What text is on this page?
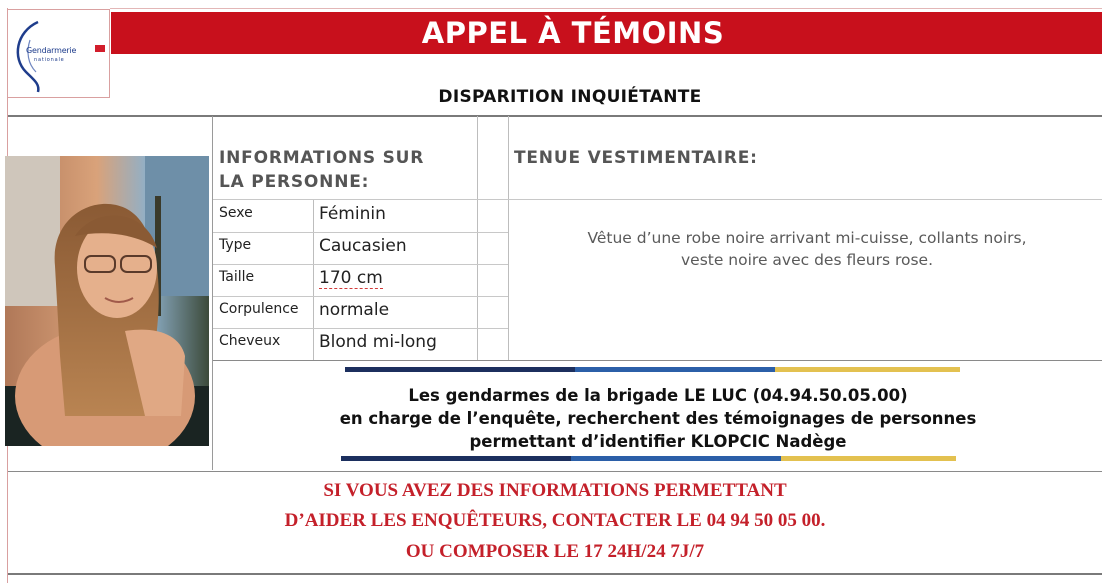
Gendarmerie
nationale
APPEL À TÉMOINS
DISPARITION INQUIÉTANTE
INFORMATIONS SUR
LA PERSONNE:
TENUE VESTIMENTAIRE:
Sexe	Féminin
Type	Caucasien
Taille	170 cm
Corpulence normale
Cheveux Blond mi-long
Vêtue d’une robe noire arrivant mi-cuisse, collants noirs,
veste noire avec des fleurs rose.
Les gendarmes de la brigade LE LUC (04.94.50.05.00)
en charge de l’enquête, recherchent des témoignages de personnes
permettant d’identifier KLOPCIC Nadège
SI VOUS AVEZ DES INFORMATIONS PERMETTANT
D’AIDER LES ENQUÊTEURS, CONTACTER LE 04 94 50 05 00.
OU COMPOSER LE 17 24H/24 7J/7
